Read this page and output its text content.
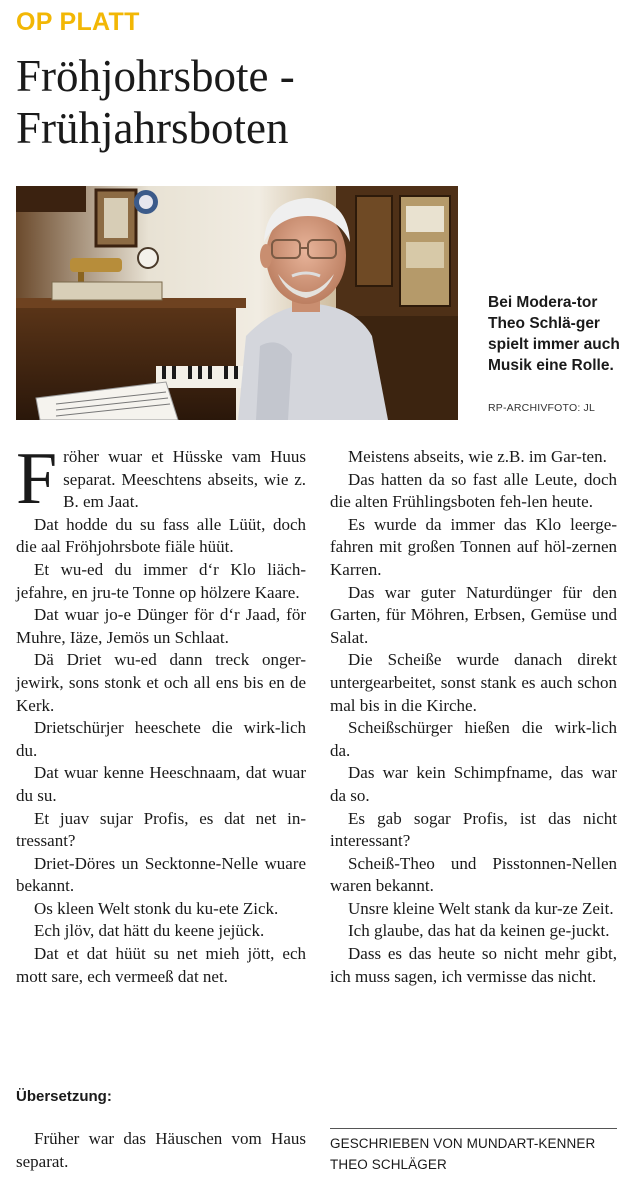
OP PLATT
Fröhjohrsbote -
Frühjahrsboten
Bei Modera-tor Theo Schlä-ger spielt immer auch Musik eine Rolle.
RP-ARCHIVFOTO: JL

Fröher wuar et Hüsske vam Huus separat. Meeschtens abseits, wie z. B. em Jaat.

Dat hodde du su fass alle Lüüt, doch die aal Fröhjohrsbote fiäle hüüt.

Et wu-ed du immer d‘r Klo liäch-jefahre, en jru-te Tonne op hölzere Kaare.

Dat wuar jo-e Dünger för d‘r Jaad, för Muhre, Iäze, Jemös un Schlaat.

Dä Driet wu-ed dann treck onger-jewirk, sons stonk et och all ens bis en de Kerk.

Drietschürjer heeschete die wirk-lich du.

Dat wuar kenne Heeschnaam, dat wuar du su.

Et juav sujar Profis, es dat net in-tressant?

Driet-Döres un Secktonne-Nelle wuare bekannt.

Os kleen Welt stonk du ku-ete Zick.

Ech jlöv, dat hätt du keene jejück.

Dat et dat hüüt su net mieh jött, ech mott sare, ech vermeeß dat net.

Übersetzung:

Früher war das Häuschen vom Haus separat.

Meistens abseits, wie z.B. im Gar-ten.

Das hatten da so fast alle Leute, doch die alten Frühlingsboten feh-len heute.

Es wurde da immer das Klo leerge-fahren mit großen Tonnen auf höl-zernen Karren.

Das war guter Naturdünger für den Garten, für Möhren, Erbsen, Gemüse und Salat.

Die Scheiße wurde danach direkt untergearbeitet, sonst stank es auch schon mal bis in die Kirche.

Scheißschürger hießen die wirk-lich da.

Das war kein Schimpfname, das war da so.

Es gab sogar Profis, ist das nicht interessant?

Scheiß-Theo und Pisstonnen-Nellen waren bekannt.

Unsre kleine Welt stank da kur-ze Zeit.

Ich glaube, das hat da keinen ge-juckt.

Dass es das heute so nicht mehr gibt, ich muss sagen, ich vermisse das nicht.

GESCHRIEBEN VON MUNDART-KENNER
THEO SCHLÄGER
